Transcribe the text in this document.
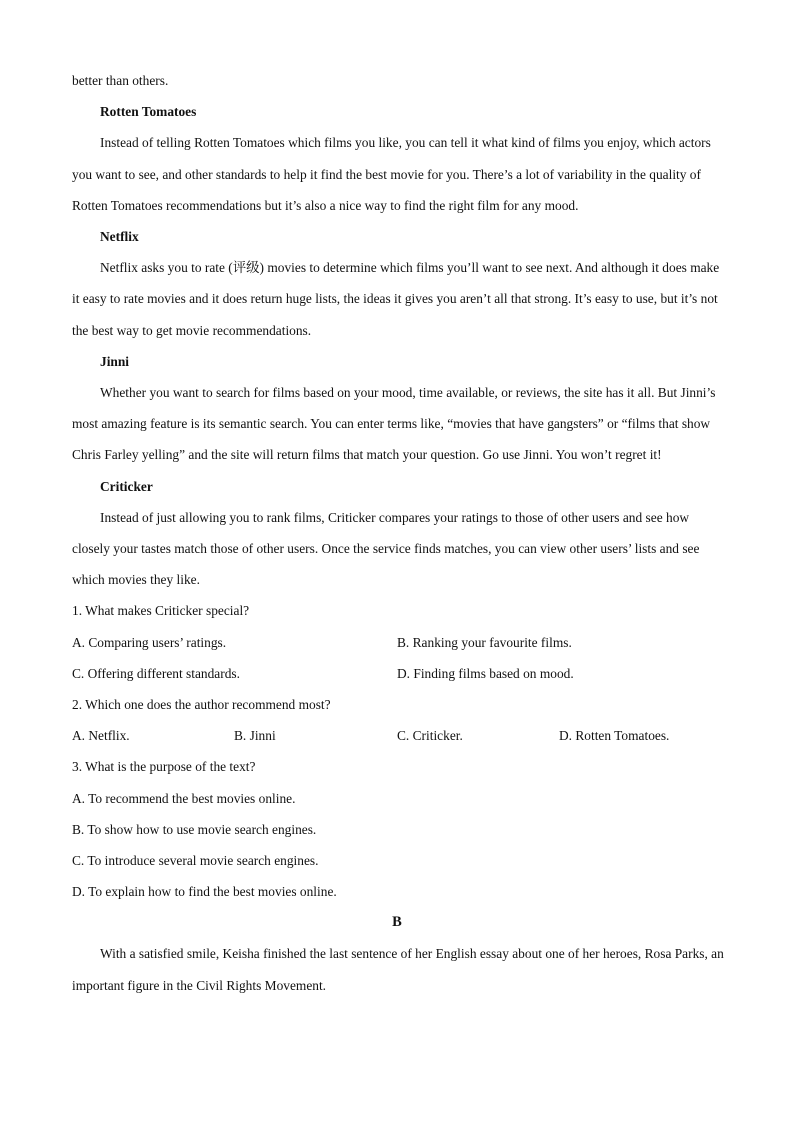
better than others.
Rotten Tomatoes
Instead of telling Rotten Tomatoes which films you like, you can tell it what kind of films you enjoy, which actors you want to see, and other standards to help it find the best movie for you. There’s a lot of variability in the quality of Rotten Tomatoes recommendations but it’s also a nice way to find the right film for any mood.
Netflix
Netflix asks you to rate (评级) movies to determine which films you’ll want to see next. And although it does make it easy to rate movies and it does return huge lists, the ideas it gives you aren’t all that strong. It’s easy to use, but it’s not the best way to get movie recommendations.
Jinni
Whether you want to search for films based on your mood, time available, or reviews, the site has it all. But Jinni’s most amazing feature is its semantic search. You can enter terms like, “movies that have gangsters” or “films that show Chris Farley yelling” and the site will return films that match your question. Go use Jinni. You won’t regret it!
Criticker
Instead of just allowing you to rank films, Criticker compares your ratings to those of other users and see how closely your tastes match those of other users. Once the service finds matches, you can view other users’ lists and see which movies they like.
1. What makes Criticker special?
A. Comparing users’ ratings.	B. Ranking your favourite films.
C. Offering different standards.	D. Finding films based on mood.
2. Which one does the author recommend most?
A. Netflix.	B. Jinni	C. Criticker.	D. Rotten Tomatoes.
3. What is the purpose of the text?
A. To recommend the best movies online.
B. To show how to use movie search engines.
C. To introduce several movie search engines.
D. To explain how to find the best movies online.
B
With a satisfied smile, Keisha finished the last sentence of her English essay about one of her heroes, Rosa Parks, an important figure in the Civil Rights Movement.
